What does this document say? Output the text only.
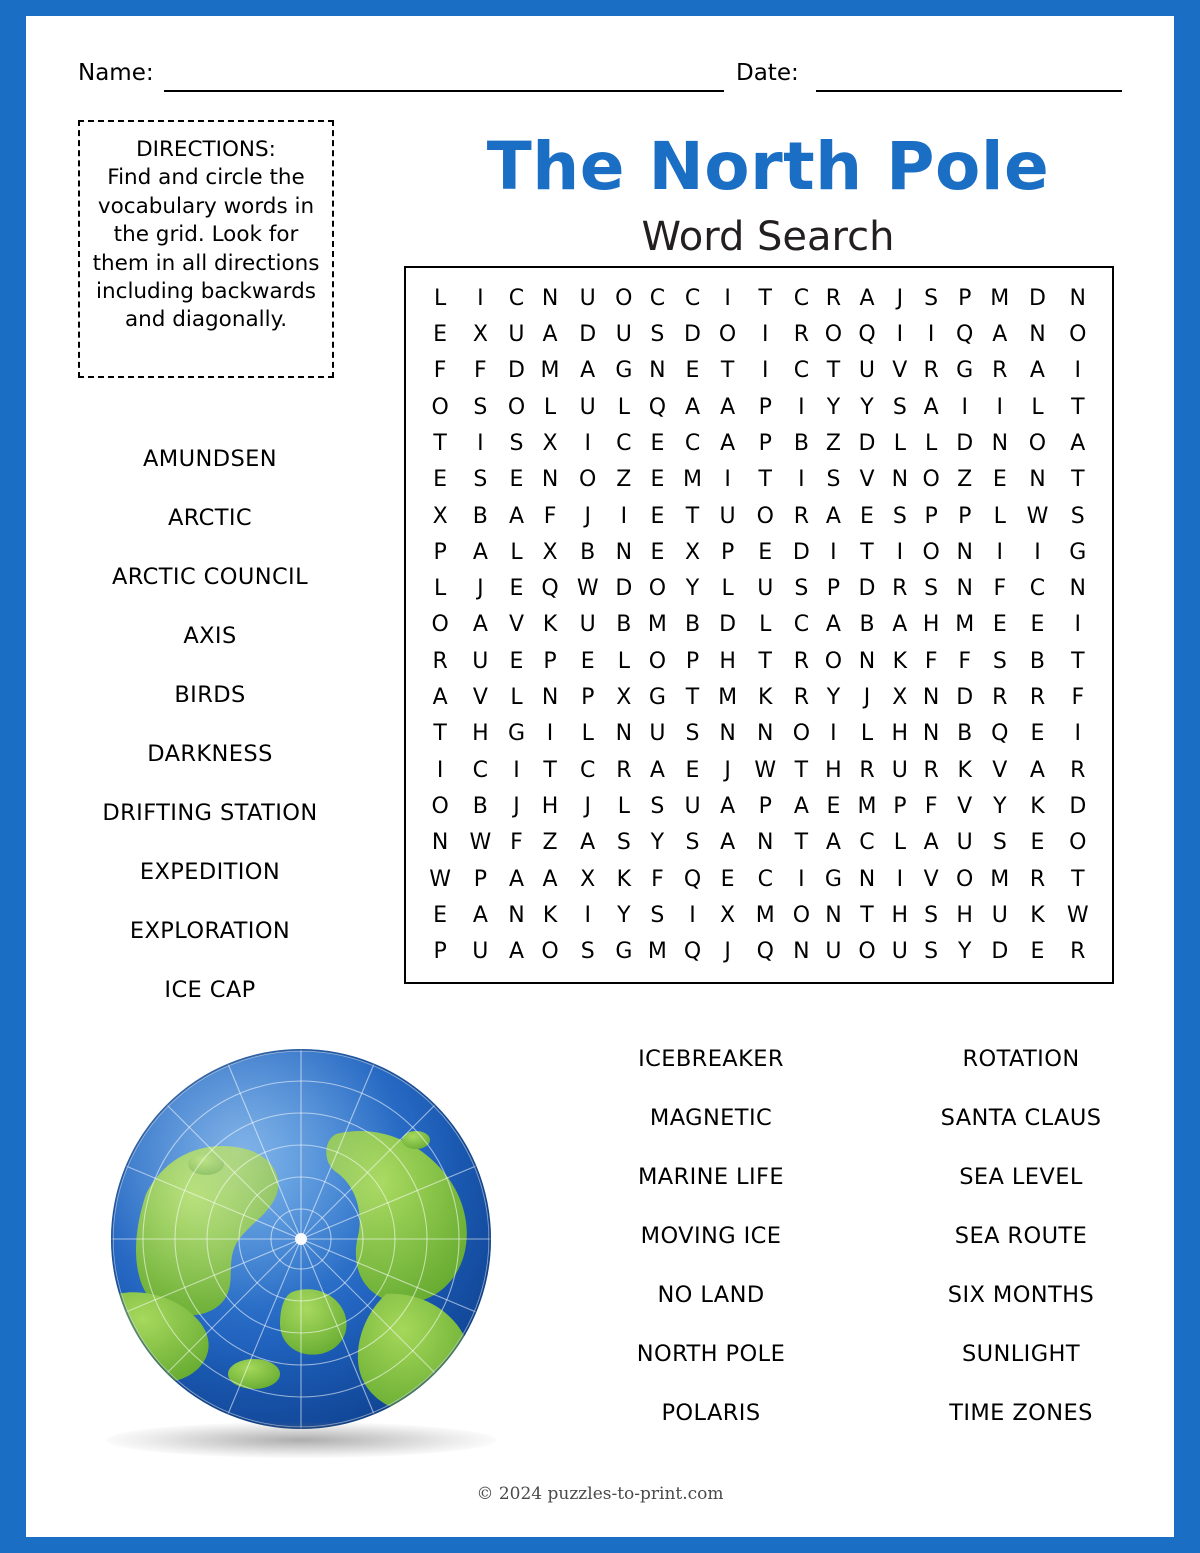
Name:	Date:
DIRECTIONS:
Find and circle the vocabulary words in the grid. Look for them in all directions including backwards and diagonally.
The North Pole
Word Search
AMUNDSEN
ARCTIC
ARCTIC COUNCIL
AXIS
BIRDS
DARKNESS
DRIFTING STATION
EXPEDITION
EXPLORATION
ICE CAP
L	I	C	N	U	O	C	C	I	T	C	R	A	J	S	P	M	D	N
E	X	U	A	D	U	S	D	O	I	R	O	Q	I	I	Q	A	N	O
F	F	D	M	A	G	N	E	T	I	C	T	U	V	R	G	R	A	I
O	S	O	L	U	L	Q	A	A	P	I	Y	Y	S	A	I	I	L	T
T	I	S	X	I	C	E	C	A	P	B	Z	D	L	L	D	N	O	A
E	S	E	N	O	Z	E	M	I	T	I	S	V	N	O	Z	E	N	T
X	B	A	F	J	I	E	T	U	O	R	A	E	S	P	P	L	W	S
P	A	L	X	B	N	E	X	P	E	D	I	T	I	O	N	I	I	G
L	J	E	Q	W	D	O	Y	L	U	S	P	D	R	S	N	F	C	N
O	A	V	K	U	B	M	B	D	L	C	A	B	A	H	M	E	E	I
R	U	E	P	E	L	O	P	H	T	R	O	N	K	F	F	S	B	T
A	V	L	N	P	X	G	T	M	K	R	Y	J	X	N	D	R	R	F
T	H	G	I	L	N	U	S	N	N	O	I	L	H	N	B	Q	E	I
I	C	I	T	C	R	A	E	J	W	T	H	R	U	R	K	V	A	R
O	B	J	H	J	L	S	U	A	P	A	E	M	P	F	V	Y	K	D
N	W	F	Z	A	S	Y	S	A	N	T	A	C	L	A	U	S	E	O
W	P	A	A	X	K	F	Q	E	C	I	G	N	I	V	O	M	R	T
E	A	N	K	I	Y	S	I	X	M	O	N	T	H	S	H	U	K	W
P	U	A	O	S	G	M	Q	J	Q	N	U	O	U	S	Y	D	E	R
ICEBREAKER
MAGNETIC
MARINE LIFE
MOVING ICE
NO LAND
NORTH POLE
POLARIS
ROTATION
SANTA CLAUS
SEA LEVEL
SEA ROUTE
SIX MONTHS
SUNLIGHT
TIME ZONES
© 2024 puzzles-to-print.com
